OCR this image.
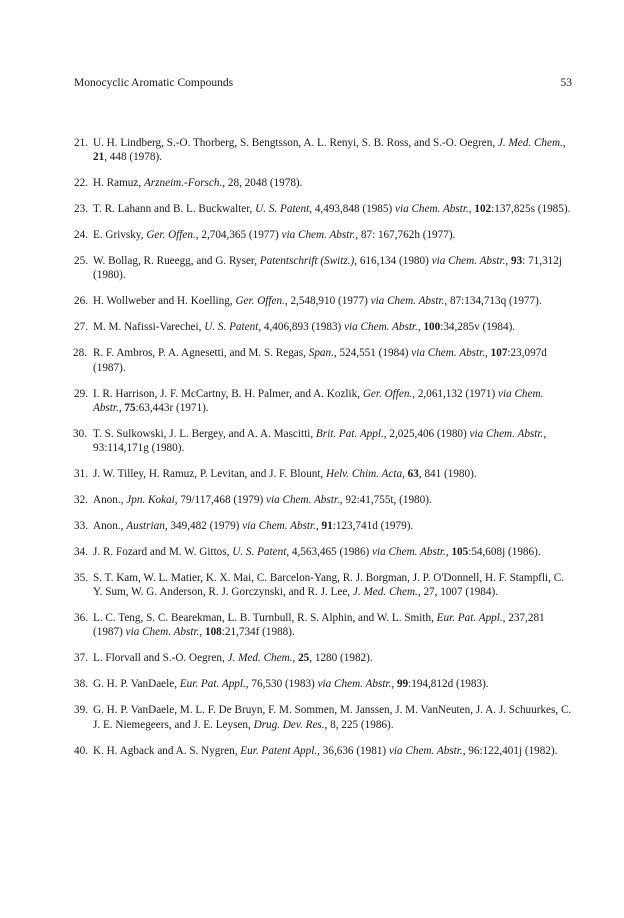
Monocyclic Aromatic Compounds	53
21. U. H. Lindberg, S.-O. Thorberg, S. Bengtsson, A. L. Renyi, S. B. Ross, and S.-O. Oegren, J. Med. Chem., 21, 448 (1978).
22. H. Ramuz, Arzneim.-Forsch., 28, 2048 (1978).
23. T. R. Lahann and B. L. Buckwalter, U. S. Patent, 4,493,848 (1985) via Chem. Abstr., 102:137,825s (1985).
24. E. Grivsky, Ger. Offen., 2,704,365 (1977) via Chem. Abstr., 87: 167,762h (1977).
25. W. Bollag, R. Rueegg, and G. Ryser, Patentschrift (Switz.), 616,134 (1980) via Chem. Abstr., 93: 71,312j (1980).
26. H. Wollweber and H. Koelling, Ger. Offen., 2,548,910 (1977) via Chem. Abstr., 87:134,713q (1977).
27. M. M. Nafissi-Varechei, U. S. Patent, 4,406,893 (1983) via Chem. Abstr., 100:34,285v (1984).
28. R. F. Ambros, P. A. Agnesetti, and M. S. Regas, Span., 524,551 (1984) via Chem. Abstr., 107:23,097d (1987).
29. I. R. Harrison, J. F. McCartny, B. H. Palmer, and A. Kozlik, Ger. Offen., 2,061,132 (1971) via Chem. Abstr., 75:63,443r (1971).
30. T. S. Sulkowski, J. L. Bergey, and A. A. Mascitti, Brit. Pat. Appl., 2,025,406 (1980) via Chem. Abstr., 93:114,171g (1980).
31. J. W. Tilley, H. Ramuz, P. Levitan, and J. F. Blount, Helv. Chim. Acta, 63, 841 (1980).
32. Anon., Jpn. Kokai, 79/117,468 (1979) via Chem. Abstr., 92:41,755t, (1980).
33. Anon., Austrian, 349,482 (1979) via Chem. Abstr., 91:123,741d (1979).
34. J. R. Fozard and M. W. Gittos, U. S. Patent, 4,563,465 (1986) via Chem. Abstr., 105:54,608j (1986).
35. S. T. Kam, W. L. Matier, K. X. Mai, C. Barcelon-Yang, R. J. Borgman, J. P. O'Donnell, H. F. Stampfli, C. Y. Sum, W. G. Anderson, R. J. Gorczynski, and R. J. Lee, J. Med. Chem., 27, 1007 (1984).
36. L. C. Teng, S. C. Bearekman, L. B. Turnbull, R. S. Alphin, and W. L. Smith, Eur. Pat. Appl., 237,281 (1987) via Chem. Abstr., 108:21,734f (1988).
37. L. Florvall and S.-O. Oegren, J. Med. Chem., 25, 1280 (1982).
38. G. H. P. VanDaele, Eur. Pat. Appl., 76,530 (1983) via Chem. Abstr., 99:194,812d (1983).
39. G. H. P. VanDaele, M. L. F. De Bruyn, F. M. Sommen, M. Janssen, J. M. VanNeuten, J. A. J. Schuurkes, C. J. E. Niemegeers, and J. E. Leysen, Drug. Dev. Res., 8, 225 (1986).
40. K. H. Agback and A. S. Nygren, Eur. Patent Appl., 36,636 (1981) via Chem. Abstr., 96:122,401j (1982).
